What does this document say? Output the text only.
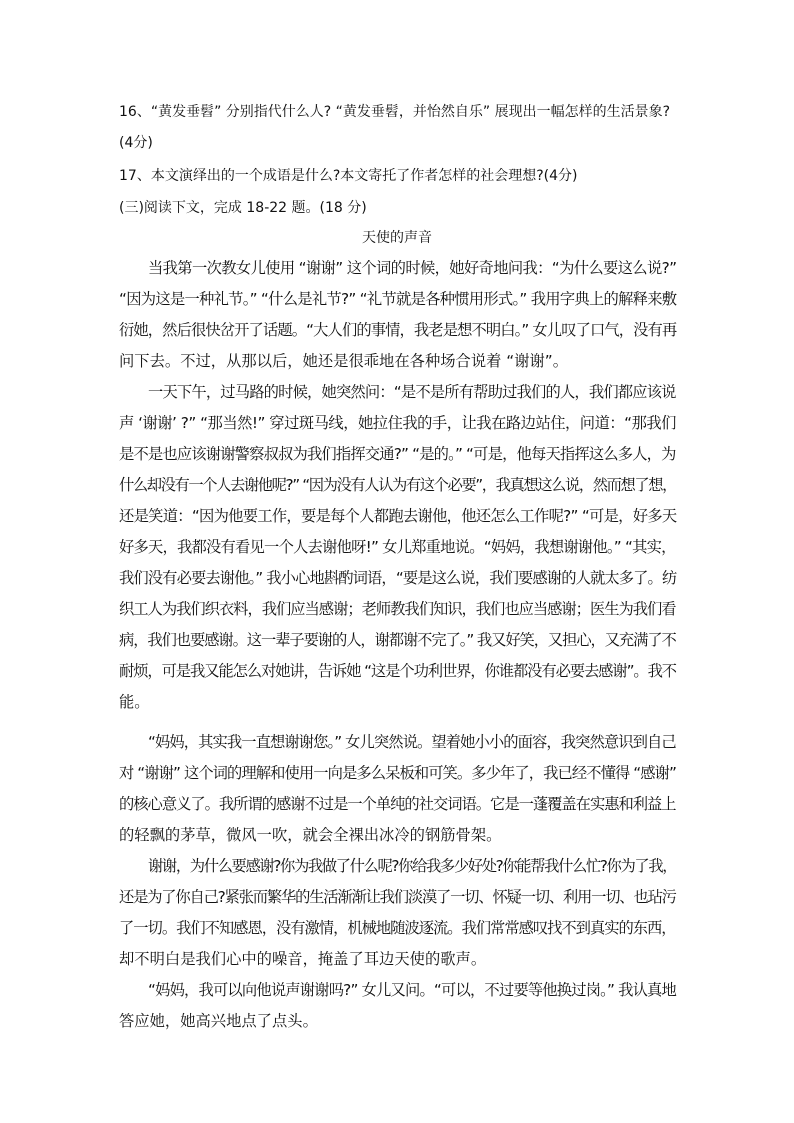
16、“黄发垂髫” 分别指代什么人? “黄发垂髫，并怡然自乐” 展现出一幅怎样的生活景象?
(4分)
17、本文演绎出的一个成语是什么?本文寄托了作者怎样的社会理想?(4分)
(三)阅读下文，完成 18-22 题。(18 分)
天使的声音
当我第一次教女儿使用 “谢谢” 这个词的时候，她好奇地问我：“为什么要这么说?”
“因为这是一种礼节。” “什么是礼节?” “礼节就是各种惯用形式。” 我用字典上的解释来敷
衍她，然后很快岔开了话题。“大人们的事情，我老是想不明白。” 女儿叹了口气，没有再
问下去。不过，从那以后，她还是很乖地在各种场合说着 “谢谢”。
一天下午，过马路的时候，她突然问：“是不是所有帮助过我们的人，我们都应该说
声 ‘谢谢’ ?” “那当然!” 穿过斑马线，她拉住我的手，让我在路边站住，问道：“那我们
是不是也应该谢谢警察叔叔为我们指挥交通?” “是的。” “可是，他每天指挥这么多人，为
什么却没有一个人去谢他呢?” “因为没有人认为有这个必要”，我真想这么说，然而想了想，
还是笑道：“因为他要工作，要是每个人都跑去谢他，他还怎么工作呢?” “可是，好多天
好多天，我都没有看见一个人去谢他呀!” 女儿郑重地说。“妈妈，我想谢谢他。” “其实，
我们没有必要去谢他。” 我小心地斟酌词语，“要是这么说，我们要感谢的人就太多了。纺
织工人为我们织衣料，我们应当感谢；老师教我们知识，我们也应当感谢；医生为我们看
病，我们也要感谢。这一辈子要谢的人，谢都谢不完了。” 我又好笑，又担心，又充满了不
耐烦，可是我又能怎么对她讲，告诉她 “这是个功利世界，你谁都没有必要去感谢”。我不
能。
“妈妈，其实我一直想谢谢您。” 女儿突然说。望着她小小的面容，我突然意识到自己
对 “谢谢” 这个词的理解和使用一向是多么呆板和可笑。多少年了，我已经不懂得 “感谢”
的核心意义了。我所谓的感谢不过是一个单纯的社交词语。它是一蓬覆盖在实惠和利益上
的轻飘的茅草，微风一吹，就会全裸出冰冷的钢筋骨架。
谢谢，为什么要感谢?你为我做了什么呢?你给我多少好处?你能帮我什么忙?你为了我，
还是为了你自己?紧张而繁华的生活渐渐让我们淡漠了一切、怀疑一切、利用一切、也玷污
了一切。我们不知感恩，没有激情，机械地随波逐流。我们常常感叹找不到真实的东西，
却不明白是我们心中的噪音，掩盖了耳边天使的歌声。
“妈妈，我可以向他说声谢谢吗?” 女儿又问。“可以，不过要等他换过岗。” 我认真地
答应她，她高兴地点了点头。
